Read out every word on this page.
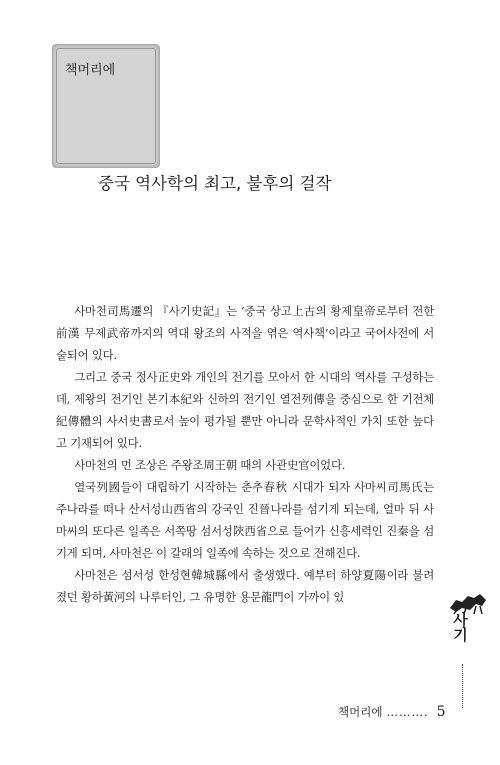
책머리에
중국 역사학의 최고, 불후의 걸작

사마천司馬遷의 『사기史記』는 ‘중국 상고上古의 황제皇帝로부터 전한前漢 무제武帝까지의 역대 왕조의 사적을 엮은 역사책’이라고 국어사전에 서술되어 있다.

그리고 중국 정사正史와 개인의 전기를 모아서 한 시대의 역사를 구성하는데, 제왕의 전기인 본기本紀와 신하의 전기인 열전列傳을 중심으로 한 기전체紀傳體의 사서史書로서 높이 평가될 뿐만 아니라 문학사적인 가치 또한 높다고 기재되어 있다.

사마천의 먼 조상은 주왕조周王朝 때의 사관史官이었다.

열국列國들이 대립하기 시작하는 춘추春秋 시대가 되자 사마씨司馬氏는 주나라를 떠나 산서성山西省의 강국인 진晉나라를 섬기게 되는데, 얼마 뒤 사마씨의 또다른 일족은 서쪽땅 섬서성陝西省으로 들어가 신흥세력인 진秦을 섬기게 되며, 사마천은 이 갈래의 일족에 속하는 것으로 전해진다.

사마천은 섬서성 한성현韓城縣에서 출생했다. 예부터 하양夏陽이라 불려졌던 황하黃河의 나루터인, 그 유명한 용문龍門이 가까이 있

사기
책머리에 ………. 5
